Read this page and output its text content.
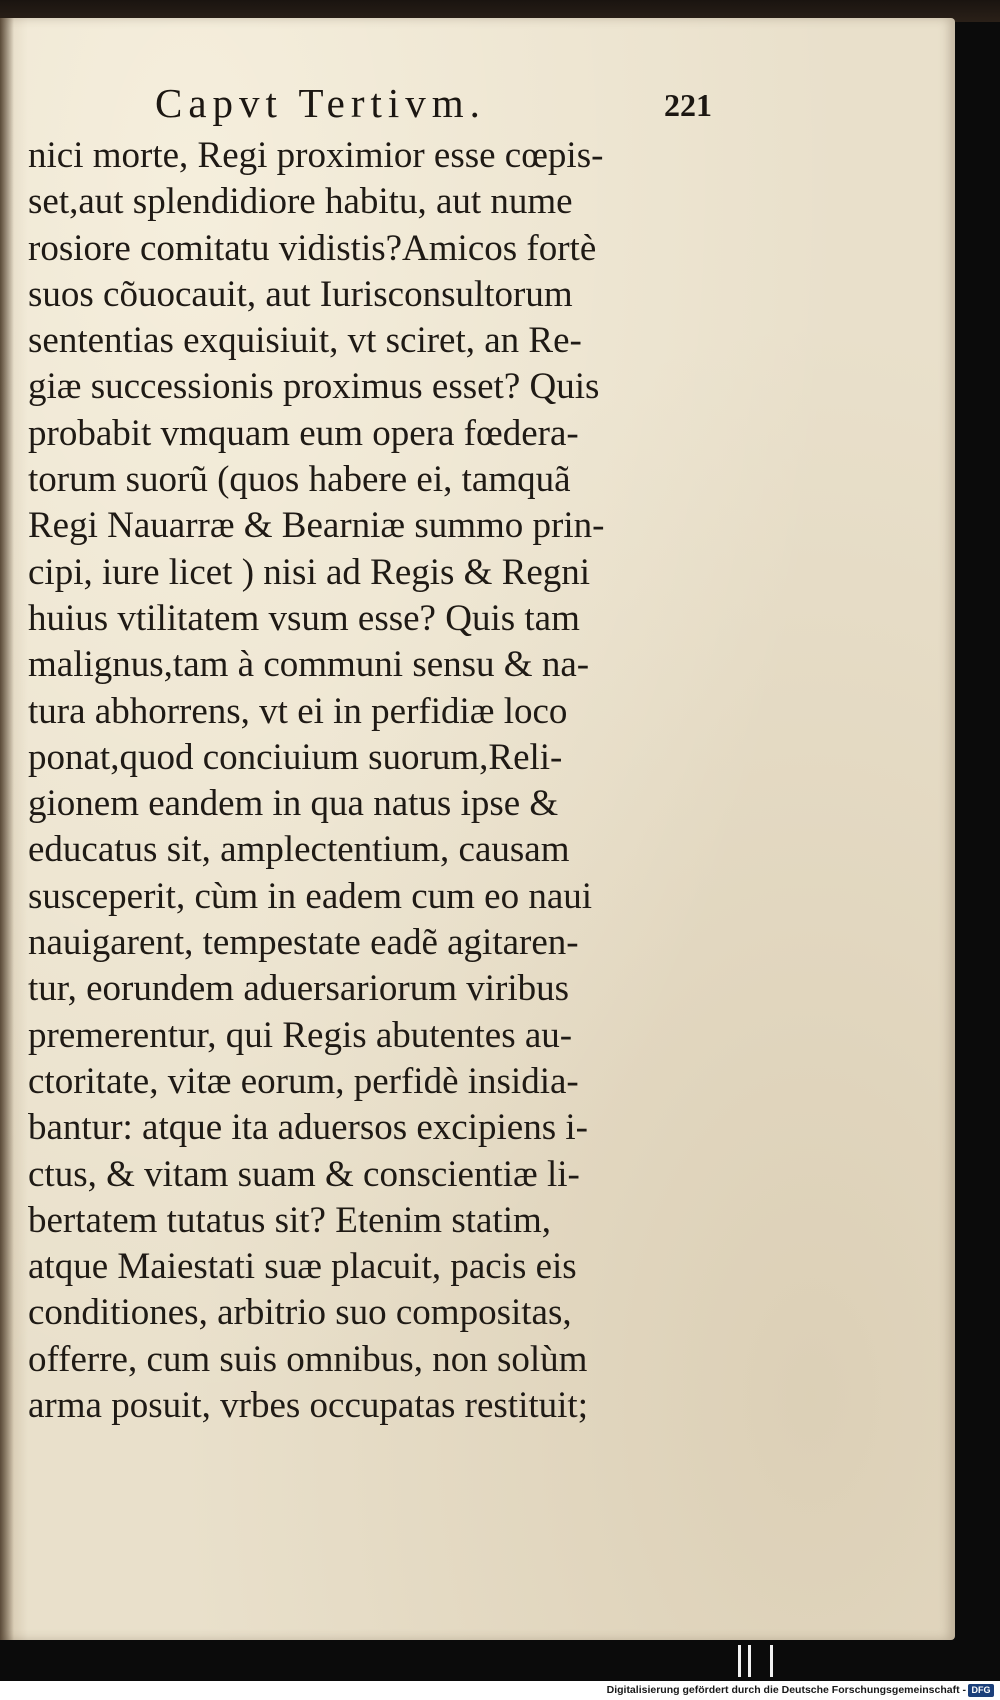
Capvt Tertivm.	221
nici morte, Regi proximior esse cœpis-
set,aut splendidiore habitu, aut nume
rosiore comitatu vidistis?Amicos fortè
suos cõuocauit, aut Iurisconsultorum
sententias exquisiuit, vt sciret, an Re-
giæ successionis proximus esset? Quis
probabit vmquam eum opera fœdera-
torum suorũ (quos habere ei, tamquã
Regi Nauarræ & Bearniæ summo prin-
cipi, iure licet ) nisi ad Regis & Regni
huius vtilitatem vsum esse? Quis tam
malignus,tam à communi sensu & na-
tura abhorrens, vt ei in perfidiæ loco
ponat,quod conciuium suorum,Reli-
gionem eandem in qua natus ipse &
educatus sit, amplectentium, causam
susceperit, cùm in eadem cum eo naui
nauigarent, tempestate eadẽ agitaren-
tur, eorundem aduersariorum viribus
premerentur, qui Regis abutentes au-
ctoritate, vitæ eorum, perfidè insidia-
bantur: atque ita aduersos excipiens i-
ctus, & vitam suam & conscientiæ li-
bertatem tutatus sit? Etenim statim,
atque Maiestati suæ placuit, pacis eis
conditiones, arbitrio suo compositas,
offerre, cum suis omnibus, non solùm
arma posuit, vrbes occupatas restituit;
Digitalisierung gefördert durch die Deutsche Forschungsgemeinschaft - DFG
